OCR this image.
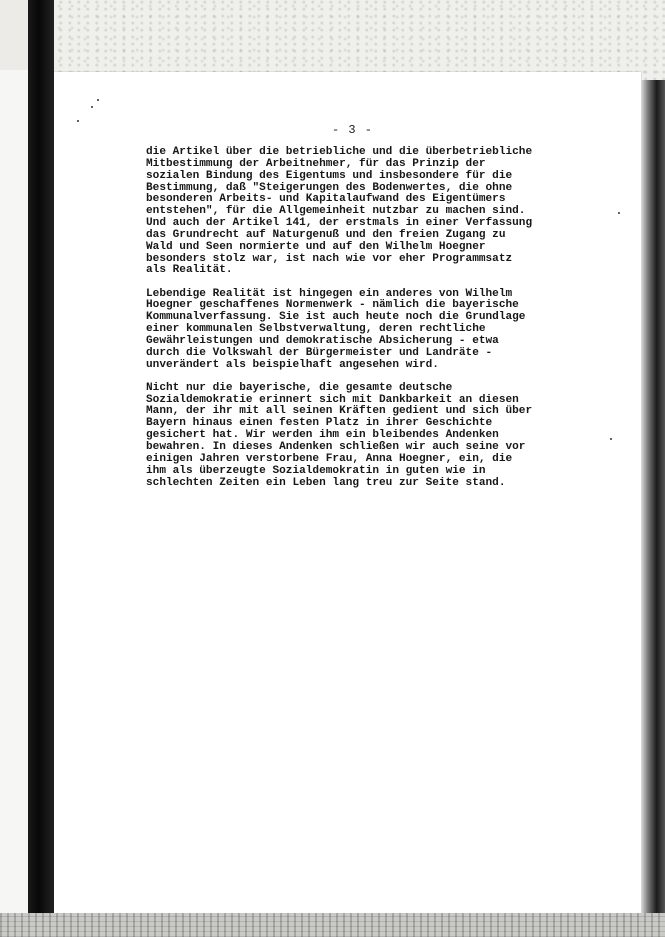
- 3 -
die Artikel über die betriebliche und die überbetriebliche
Mitbestimmung der Arbeitnehmer, für das Prinzip der
sozialen Bindung des Eigentums und insbesondere für die
Bestimmung, daß "Steigerungen des Bodenwertes, die ohne
besonderen Arbeits- und Kapitalaufwand des Eigentümers
entstehen", für die Allgemeinheit nutzbar zu machen sind.
Und auch der Artikel 141, der erstmals in einer Verfassung
das Grundrecht auf Naturgenuß und den freien Zugang zu
Wald und Seen normierte und auf den Wilhelm Hoegner
besonders stolz war, ist nach wie vor eher Programmsatz
als Realität.
Lebendige Realität ist hingegen ein anderes von Wilhelm
Hoegner geschaffenes Normenwerk - nämlich die bayerische
Kommunalverfassung. Sie ist auch heute noch die Grundlage
einer kommunalen Selbstverwaltung, deren rechtliche
Gewährleistungen und demokratische Absicherung - etwa
durch die Volkswahl der Bürgermeister und Landräte -
unverändert als beispielhaft angesehen wird.
Nicht nur die bayerische, die gesamte deutsche
Sozialdemokratie erinnert sich mit Dankbarkeit an diesen
Mann, der ihr mit all seinen Kräften gedient und sich über
Bayern hinaus einen festen Platz in ihrer Geschichte
gesichert hat. Wir werden ihm ein bleibendes Andenken
bewahren. In dieses Andenken schließen wir auch seine vor
einigen Jahren verstorbene Frau, Anna Hoegner, ein, die
ihm als überzeugte Sozialdemokratin in guten wie in
schlechten Zeiten ein Leben lang treu zur Seite stand.
